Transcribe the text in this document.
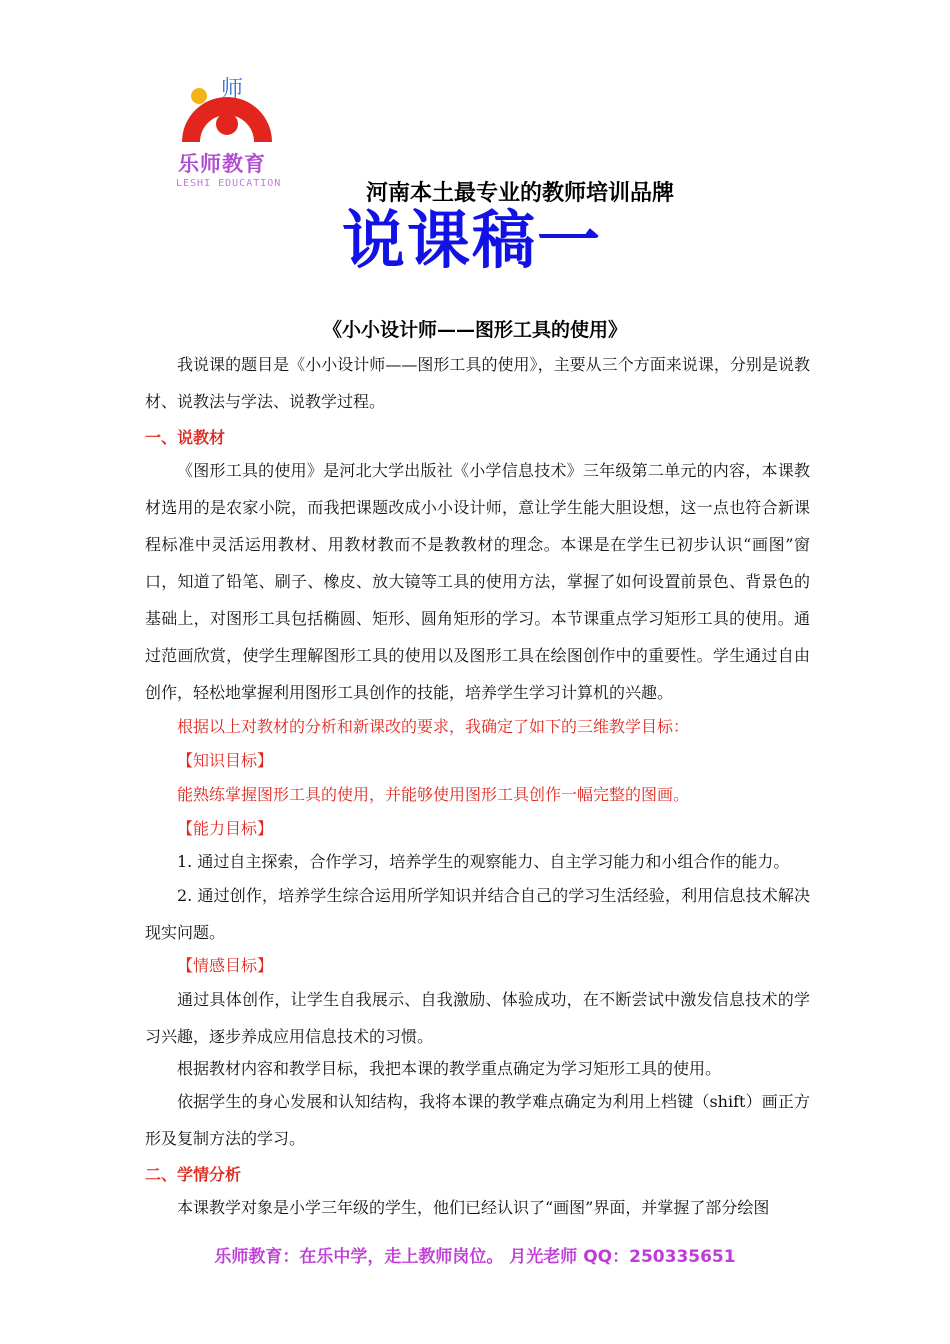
师
乐师教育
LESHI EDUCATION	河南本土最专业的教师培训品牌
说课稿一
《小小设计师——图形工具的使用》

我说课的题目是《小小设计师——图形工具的使用》，主要从三个方面来说课，分别是说教材、说教法与学法、说教学过程。

一、说教材

《图形工具的使用》是河北大学出版社《小学信息技术》三年级第二单元的内容，本课教材选用的是农家小院，而我把课题改成小小设计师，意让学生能大胆设想，这一点也符合新课程标准中灵活运用教材、用教材教而不是教教材的理念。本课是在学生已初步认识“画图”窗口，知道了铅笔、刷子、橡皮、放大镜等工具的使用方法，掌握了如何设置前景色、背景色的基础上，对图形工具包括椭圆、矩形、圆角矩形的学习。本节课重点学习矩形工具的使用。通过范画欣赏，使学生理解图形工具的使用以及图形工具在绘图创作中的重要性。学生通过自由创作，轻松地掌握利用图形工具创作的技能，培养学生学习计算机的兴趣。

根据以上对教材的分析和新课改的要求，我确定了如下的三维教学目标：

【知识目标】

能熟练掌握图形工具的使用，并能够使用图形工具创作一幅完整的图画。

【能力目标】

1. 通过自主探索，合作学习，培养学生的观察能力、自主学习能力和小组合作的能力。

2. 通过创作，培养学生综合运用所学知识并结合自己的学习生活经验，利用信息技术解决现实问题。

【情感目标】

通过具体创作，让学生自我展示、自我激励、体验成功，在不断尝试中激发信息技术的学习兴趣，逐步养成应用信息技术的习惯。

根据教材内容和教学目标，我把本课的教学重点确定为学习矩形工具的使用。

依据学生的身心发展和认知结构，我将本课的教学难点确定为利用上档键（shift）画正方形及复制方法的学习。

二、学情分析

本课教学对象是小学三年级的学生，他们已经认识了“画图”界面，并掌握了部分绘图

乐师教育：在乐中学，走上教师岗位。 月光老师 QQ：250335651
